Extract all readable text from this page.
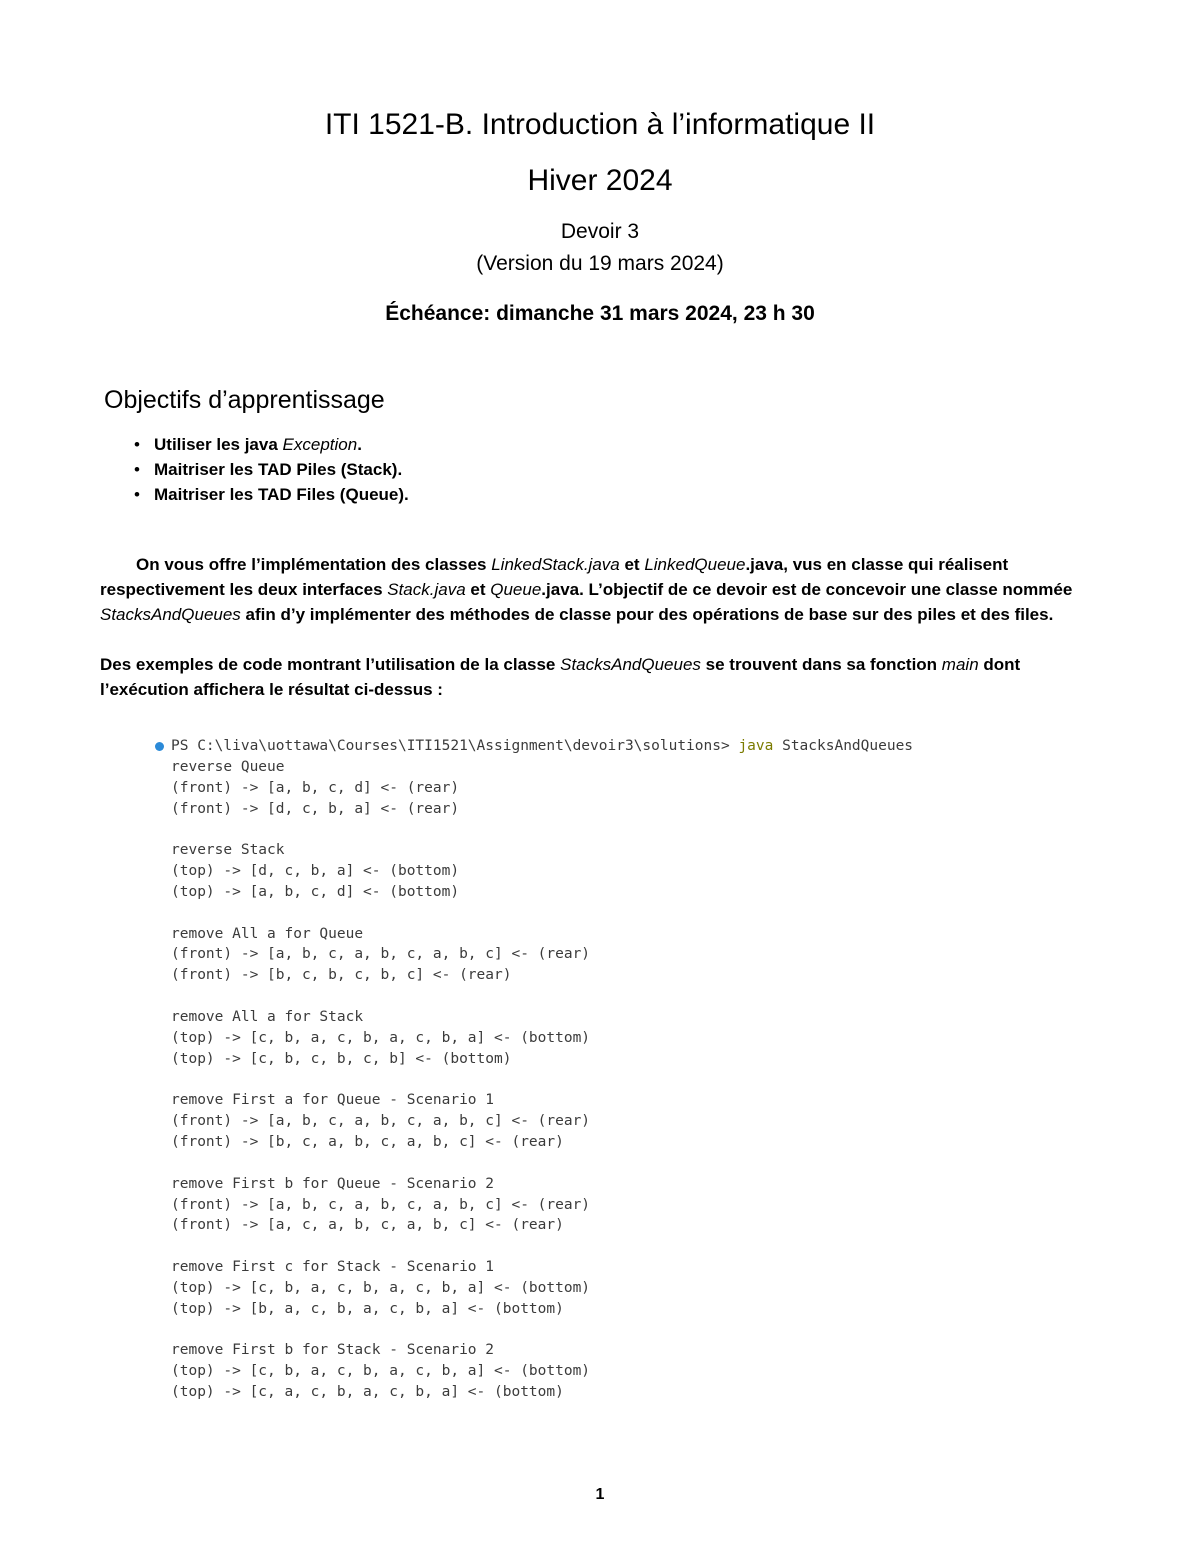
ITI 1521-B. Introduction à l’informatique II
Hiver 2024
Devoir 3
(Version du 19 mars 2024)
Échéance: dimanche 31 mars 2024, 23 h 30
Objectifs d’apprentissage
• Utiliser les java Exception.
• Maitriser les TAD Piles (Stack).
• Maitriser les TAD Files (Queue).
On vous offre l’implémentation des classes LinkedStack.java et LinkedQueue.java, vus en classe qui réalisent respectivement les deux interfaces Stack.java et Queue.java. L’objectif de ce devoir est de concevoir une classe nommée StacksAndQueues afin d’y implémenter des méthodes de classe pour des opérations de base sur des piles et des files.
Des exemples de code montrant l’utilisation de la classe StacksAndQueues se trouvent dans sa fonction main dont l’exécution affichera le résultat ci-dessus :
PS C:\liva\uottawa\Courses\ITI1521\Assignment\devoir3\solutions> java StacksAndQueues
reverse Queue
(front) -> [a, b, c, d] <- (rear)
(front) -> [d, c, b, a] <- (rear)
reverse Stack
(top) -> [d, c, b, a] <- (bottom)
(top) -> [a, b, c, d] <- (bottom)
remove All a for Queue
(front) -> [a, b, c, a, b, c, a, b, c] <- (rear)
(front) -> [b, c, b, c, b, c] <- (rear)
remove All a for Stack
(top) -> [c, b, a, c, b, a, c, b, a] <- (bottom)
(top) -> [c, b, c, b, c, b] <- (bottom)
remove First a for Queue - Scenario 1
(front) -> [a, b, c, a, b, c, a, b, c] <- (rear)
(front) -> [b, c, a, b, c, a, b, c] <- (rear)
remove First b for Queue - Scenario 2
(front) -> [a, b, c, a, b, c, a, b, c] <- (rear)
(front) -> [a, c, a, b, c, a, b, c] <- (rear)
remove First c for Stack - Scenario 1
(top) -> [c, b, a, c, b, a, c, b, a] <- (bottom)
(top) -> [b, a, c, b, a, c, b, a] <- (bottom)
remove First b for Stack - Scenario 2
(top) -> [c, b, a, c, b, a, c, b, a] <- (bottom)
(top) -> [c, a, c, b, a, c, b, a] <- (bottom)
1
